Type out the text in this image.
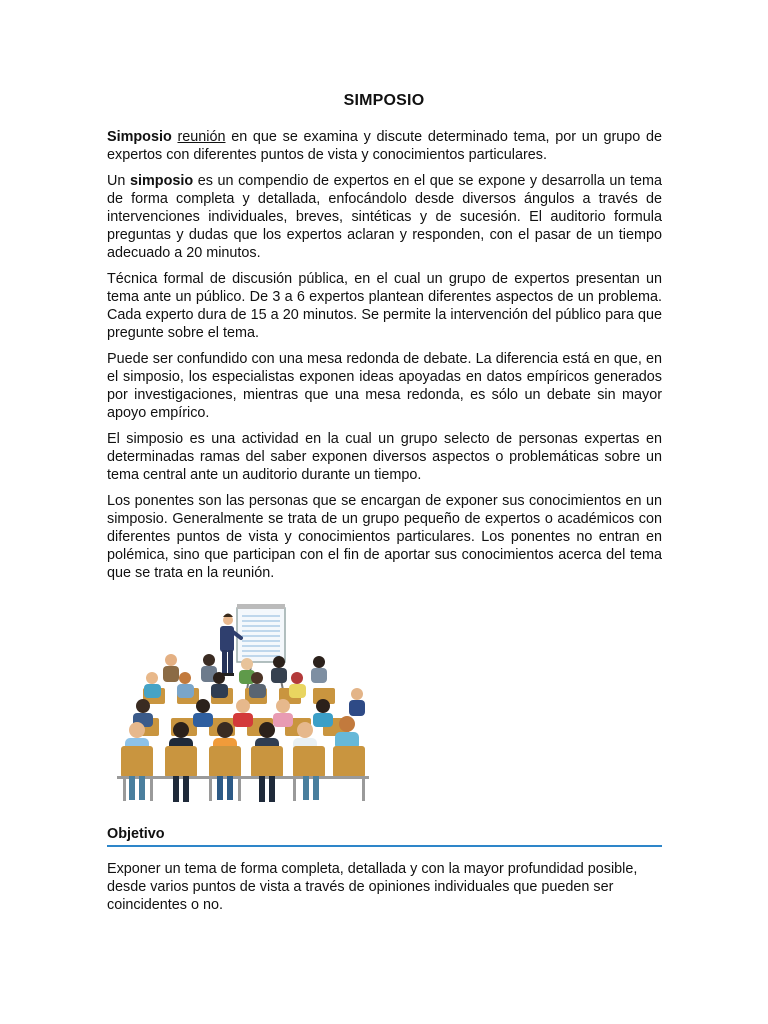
SIMPOSIO

Simposio reunión en que se examina y discute determinado tema, por un grupo de expertos con diferentes puntos de vista y conocimientos particulares.

Un simposio es un compendio de expertos en el que se expone y desarrolla un tema de forma completa y detallada, enfocándolo desde diversos ángulos a través de intervenciones individuales, breves, sintéticas y de sucesión. El auditorio formula preguntas y dudas que los expertos aclaran y responden, con el pasar de un tiempo adecuado a 20 minutos.

Técnica formal de discusión pública, en el cual un grupo de expertos presentan un tema ante un público. De 3 a 6 expertos plantean diferentes aspectos de un problema. Cada experto dura de 15 a 20 minutos. Se permite la intervención del público para que pregunte sobre el tema.

Puede ser confundido con una mesa redonda de debate. La diferencia está en que, en el simposio, los especialistas exponen ideas apoyadas en datos empíricos generados por investigaciones, mientras que una mesa redonda, es sólo un debate sin mayor apoyo empírico.

El simposio es una actividad en la cual un grupo selecto de personas expertas en determinadas ramas del saber exponen diversos aspectos o problemáticas sobre un tema central ante un auditorio durante un tiempo.

Los ponentes son las personas que se encargan de exponer sus conocimientos en un simposio. Generalmente se trata de un grupo pequeño de expertos o académicos con diferentes puntos de vista y conocimientos particulares. Los ponentes no entran en polémica, sino que participan con el fin de aportar sus conocimientos acerca del tema que se trata en la reunión.

Objetivo
Exponer un tema de forma completa, detallada y con la mayor profundidad posible, desde varios puntos de vista a través de opiniones individuales que pueden ser coincidentes o no.
